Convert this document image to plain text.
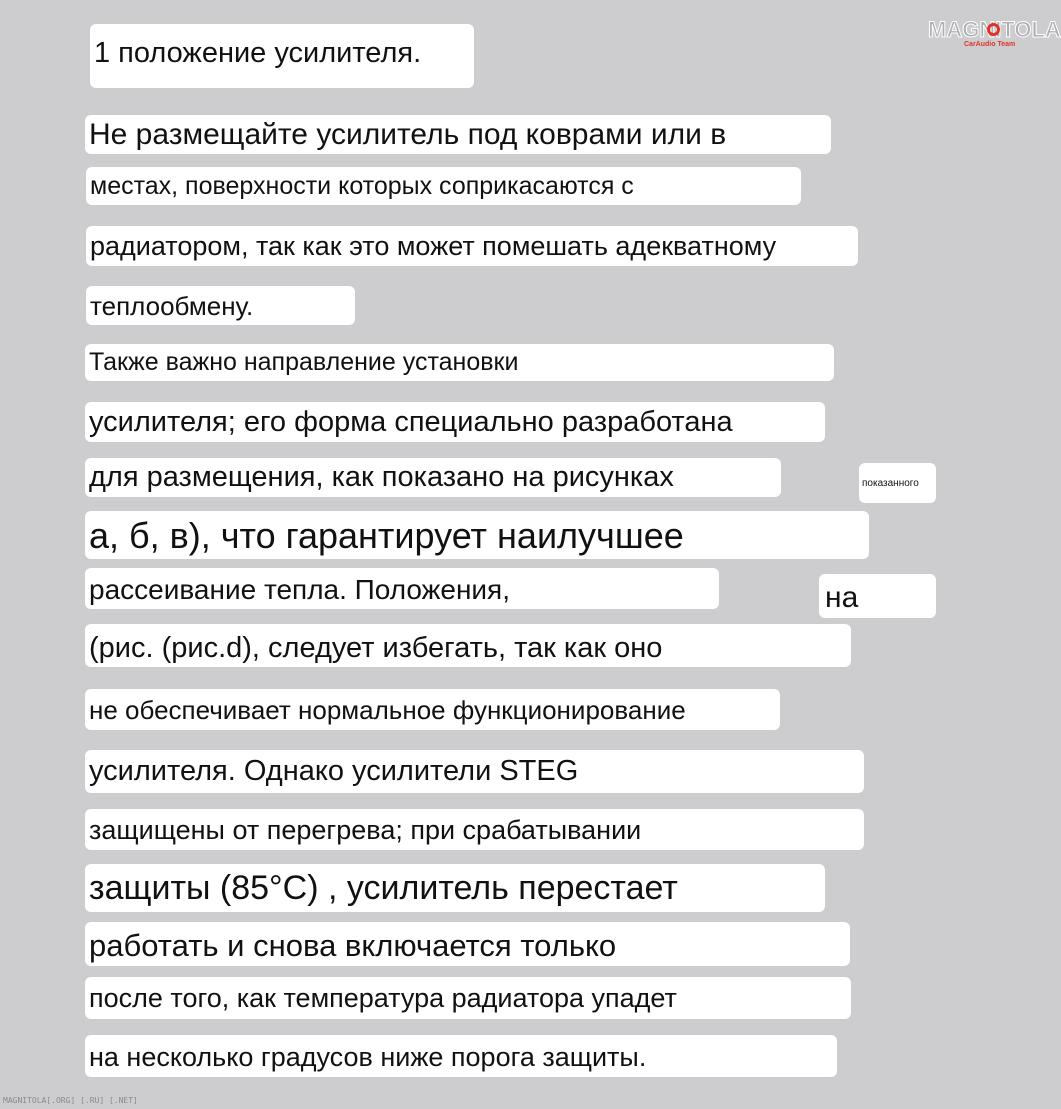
MAGNITOLA
CarAudio Team
1 положение усилителя.
Не размещайте усилитель под коврами или в
местах, поверхности которых соприкасаются с
радиатором, так как это может помешать адекватному
теплообмену.
Также важно направление установки
усилителя; его форма специально разработана
для размещения, как показано на рисунках
а, б, в), что гарантирует наилучшее
рассеивание тепла. Положения,
(рис. (рис.d), следует избегать, так как оно
не обеспечивает нормальное функционирование
усилителя. Однако усилители STEG
защищены от перегрева; при срабатывании
защиты (85°C) , усилитель перестает
работать и снова включается только
после того, как температура радиатора упадет
на несколько градусов ниже порога защиты.
показанного
на
MAGNITOLA[.ORG] [.RU] [.NET]
